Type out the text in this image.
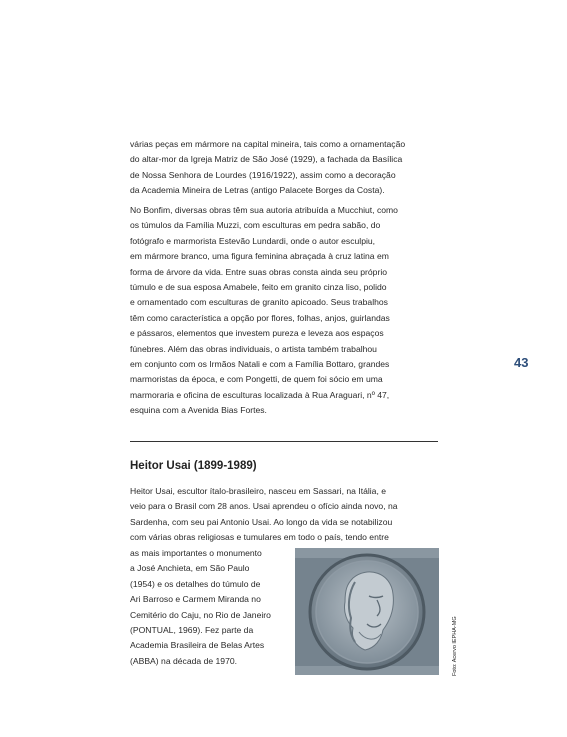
várias peças em mármore na capital mineira, tais como a ornamentação

do altar-mor da Igreja Matriz de São José (1929), a fachada da Basílica

de Nossa Senhora de Lourdes (1916/1922), assim como a decoração

da Academia Mineira de Letras (antigo Palacete Borges da Costa).

No Bonfim, diversas obras têm sua autoria atribuída a Mucchiut, como

os túmulos da Família Muzzi, com esculturas em pedra sabão, do

fotógrafo e marmorista Estevão Lundardi, onde o autor esculpiu,

em mármore branco, uma figura feminina abraçada à cruz latina em

forma de árvore da vida. Entre suas obras consta ainda seu próprio

túmulo e de sua esposa Amabele, feito em granito cinza liso, polido

e ornamentado com esculturas de granito apicoado. Seus trabalhos

têm como característica a opção por flores, folhas, anjos, guirlandas

e pássaros, elementos que investem pureza e leveza aos espaços

fúnebres. Além das obras individuais, o artista também trabalhou

em conjunto com os Irmãos Natali e com a Família Bottaro, grandes

marmoristas da época, e com Pongetti, de quem foi sócio em uma

marmoraria e oficina de esculturas localizada à Rua Araguari, nº 47,

esquina com a Avenida Bias Fortes.

43
Heitor Usai (1899-1989)

Heitor Usai, escultor ítalo-brasileiro, nasceu em Sassari, na Itália, e

veio para o Brasil com 28 anos. Usai aprendeu o ofício ainda novo, na

Sardenha, com seu pai Antonio Usai. Ao longo da vida se notabilizou

com várias obras religiosas e tumulares em todo o país, tendo entre

as mais importantes o monumento

a José Anchieta, em São Paulo

(1954) e os detalhes do túmulo de

Ari Barroso e Carmem Miranda no

Cemitério do Caju, no Rio de Janeiro

(PONTUAL, 1969). Fez parte da

Academia Brasileira de Belas Artes

(ABBA) na década de 1970.	Foto: Acervo IEPHA-MG
